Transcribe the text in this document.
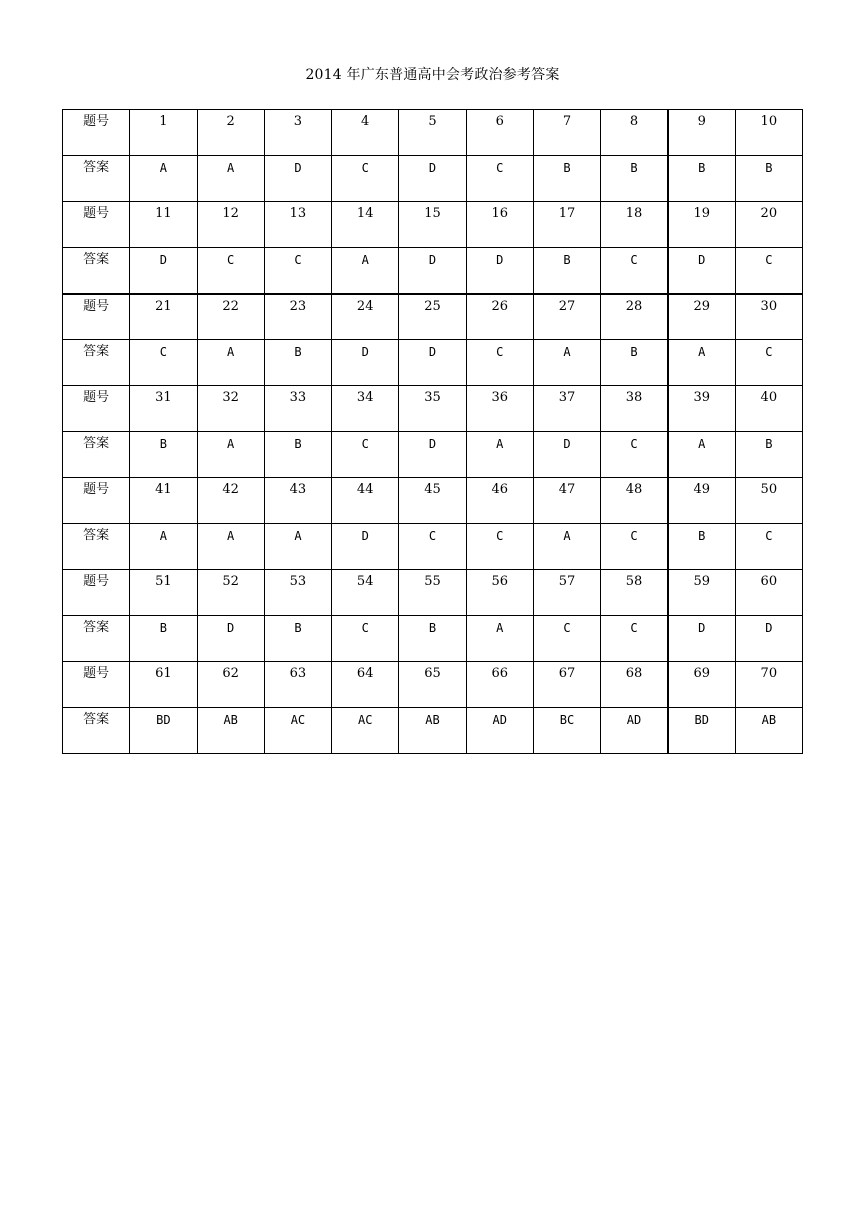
2014 年广东普通高中会考政治参考答案
题号	1	2	3	4	5	6	7	8	9	10
答案	A	A	D	C	D	C	B	B	B	B
题号	11	12	13	14	15	16	17	18	19	20
答案	D	C	C	A	D	D	B	C	D	C
题号	21	22	23	24	25	26	27	28	29	30
答案	C	A	B	D	D	C	A	B	A	C
题号	31	32	33	34	35	36	37	38	39	40
答案	B	A	B	C	D	A	D	C	A	B
题号	41	42	43	44	45	46	47	48	49	50
答案	A	A	A	D	C	C	A	C	B	C
题号	51	52	53	54	55	56	57	58	59	60
答案	B	D	B	C	B	A	C	C	D	D
题号	61	62	63	64	65	66	67	68	69	70
答案	BD	AB	AC	AC	AB	AD	BC	AD	BD	AB
